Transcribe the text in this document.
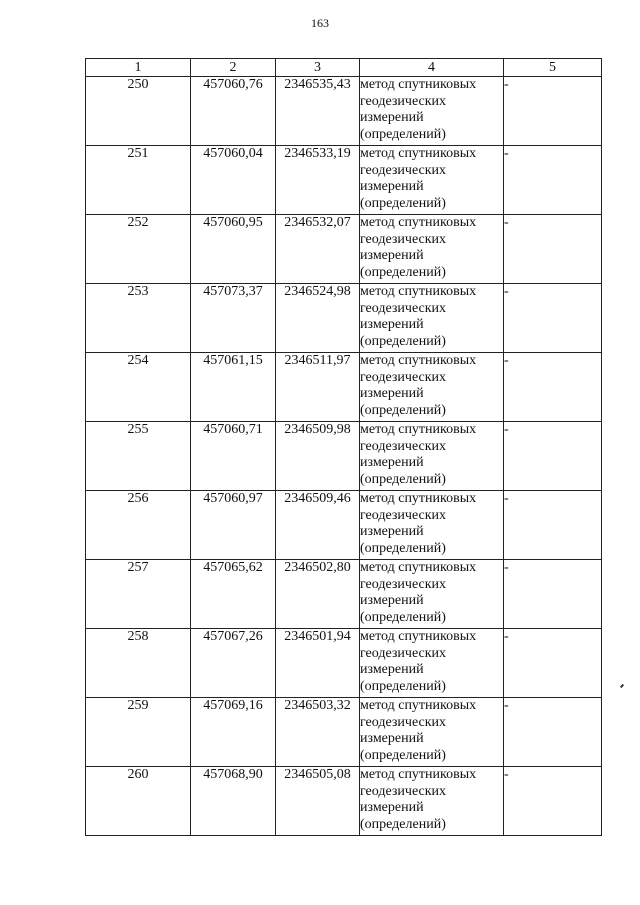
163
1	2	3	4	5
250	457060,76	2346535,43	метод спутниковых геодезических измерений (определений)	-
251	457060,04	2346533,19	метод спутниковых геодезических измерений (определений)	-
252	457060,95	2346532,07	метод спутниковых геодезических измерений (определений)	-
253	457073,37	2346524,98	метод спутниковых геодезических измерений (определений)	-
254	457061,15	2346511,97	метод спутниковых геодезических измерений (определений)	-
255	457060,71	2346509,98	метод спутниковых геодезических измерений (определений)	-
256	457060,97	2346509,46	метод спутниковых геодезических измерений (определений)	-
257	457065,62	2346502,80	метод спутниковых геодезических измерений (определений)	-
258	457067,26	2346501,94	метод спутниковых геодезических измерений (определений)	-
259	457069,16	2346503,32	метод спутниковых геодезических измерений (определений)	-
260	457068,90	2346505,08	метод спутниковых геодезических измерений (определений)	-
